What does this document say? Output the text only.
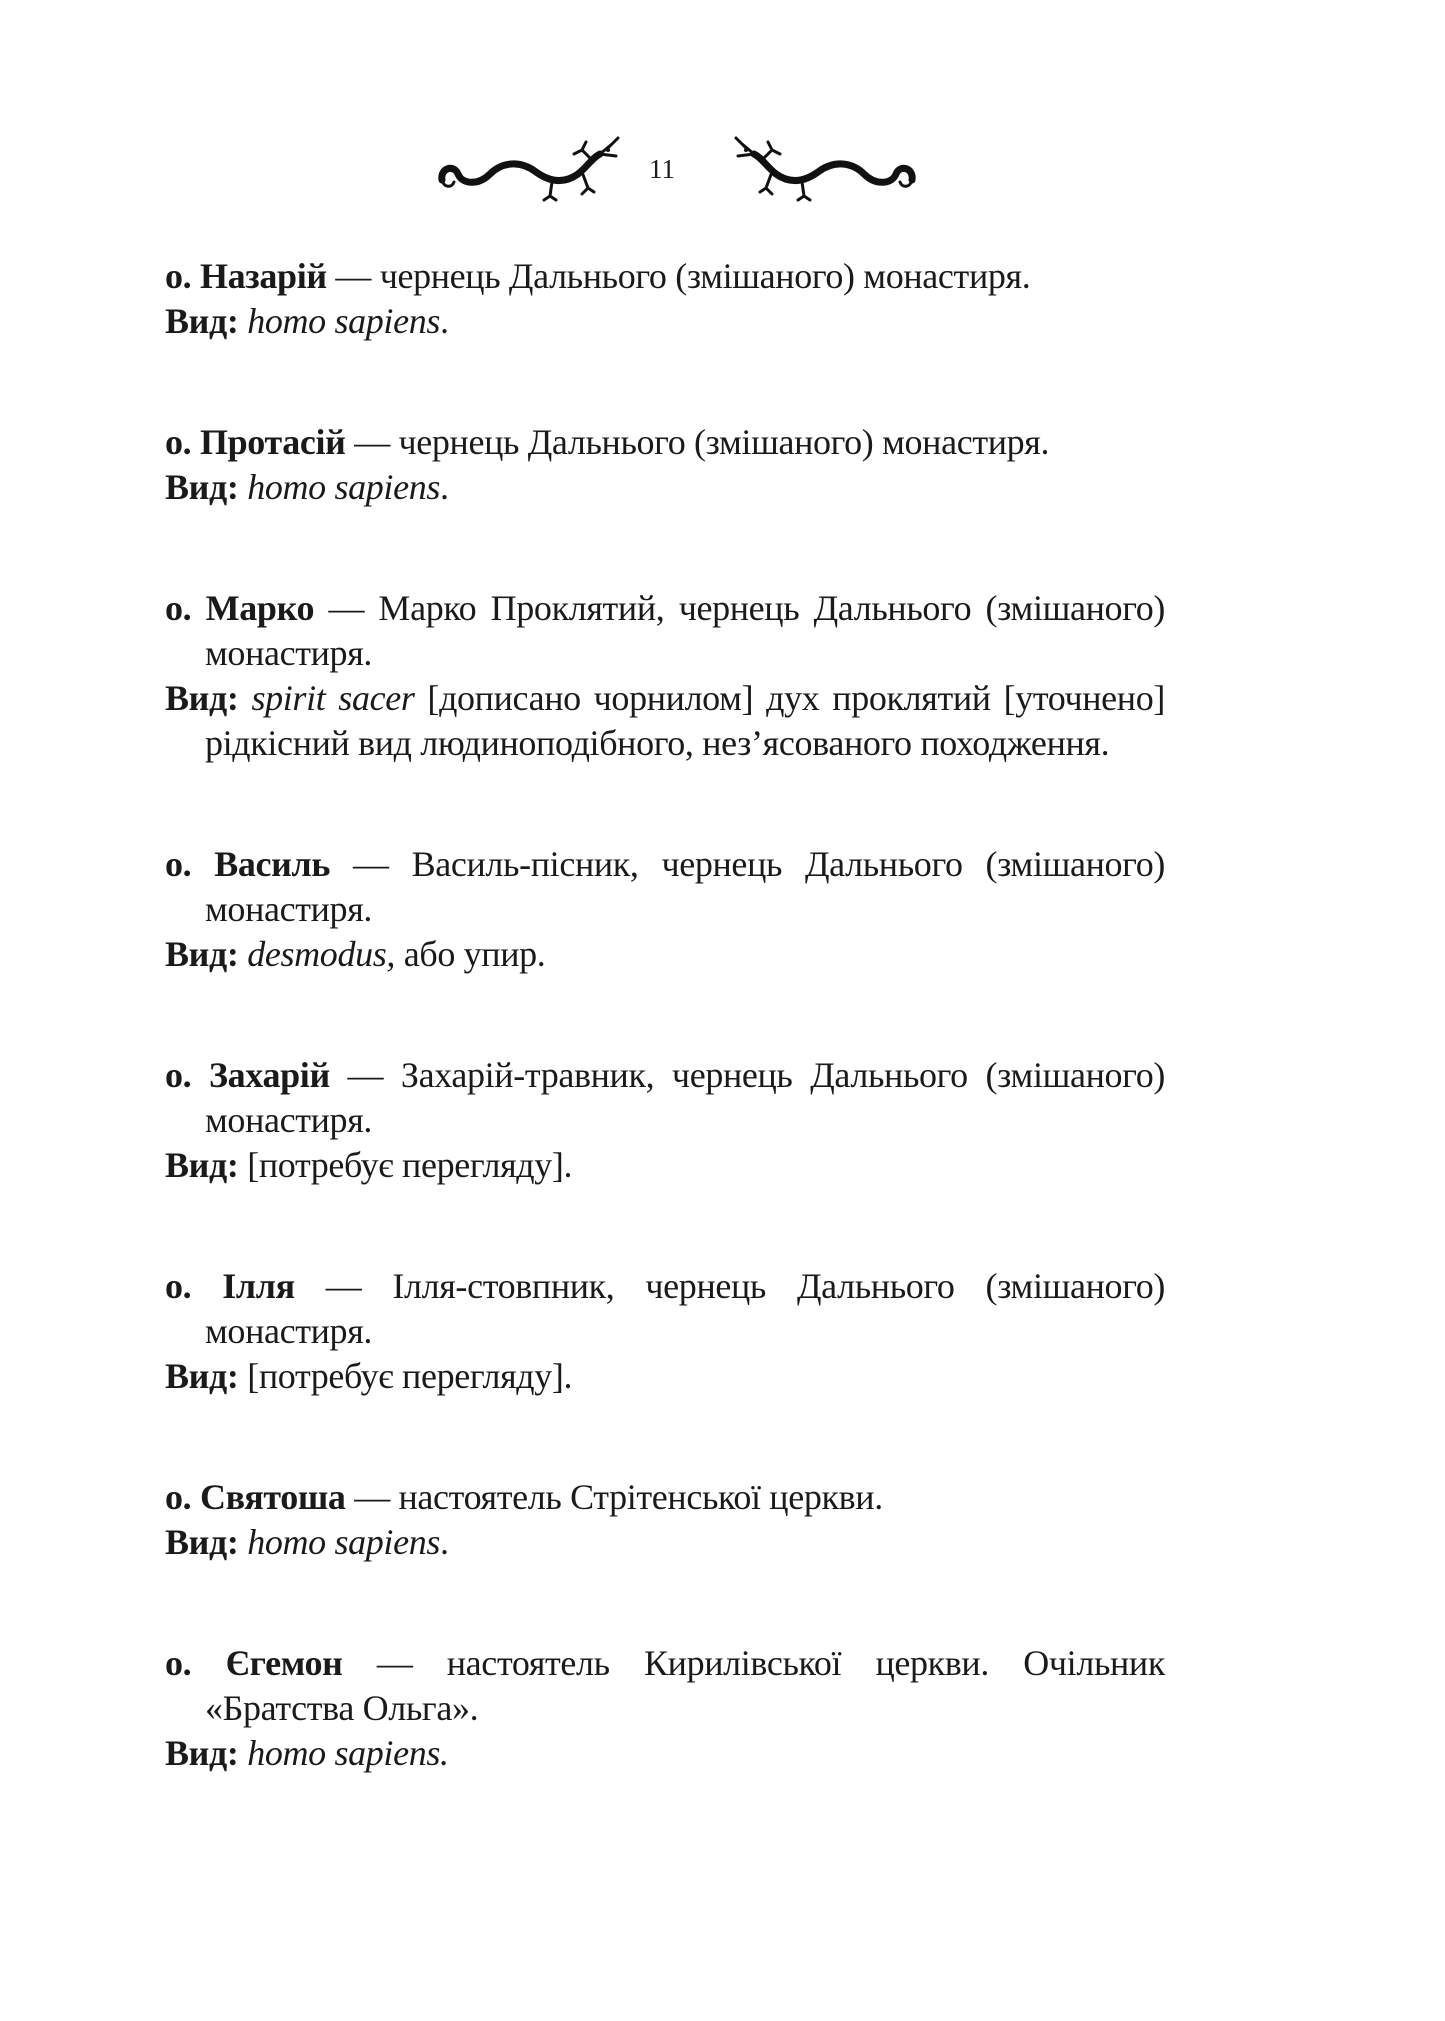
11

о. Назарій — чернець Дальнього (змішаного) монастиря.

Вид: homo sapiens.

о. Протасій — чернець Дальнього (змішаного) монастиря.

Вид: homo sapiens.

о. Марко — Марко Проклятий, чернець Дальнього (змішаного) монастиря.

Вид: spirit sacer [дописано чорнилом] дух проклятий [уточнено] рідкісний вид людиноподібного, нез’ясованого походження.

о. Василь — Василь-пісник, чернець Дальнього (змішаного) монастиря.

Вид: desmodus, або упир.

о. Захарій — Захарій-травник, чернець Дальнього (змішаного) монастиря.

Вид: [потребує перегляду].

о. Ілля — Ілля-стовпник, чернець Дальнього (змішаного) монастиря.

Вид: [потребує перегляду].

о. Святоша — настоятель Стрітенської церкви.

Вид: homo sapiens.

о. Єгемон — настоятель Кирилівської церкви. Очільник «Братства Ольга».

Вид: homo sapiens.
